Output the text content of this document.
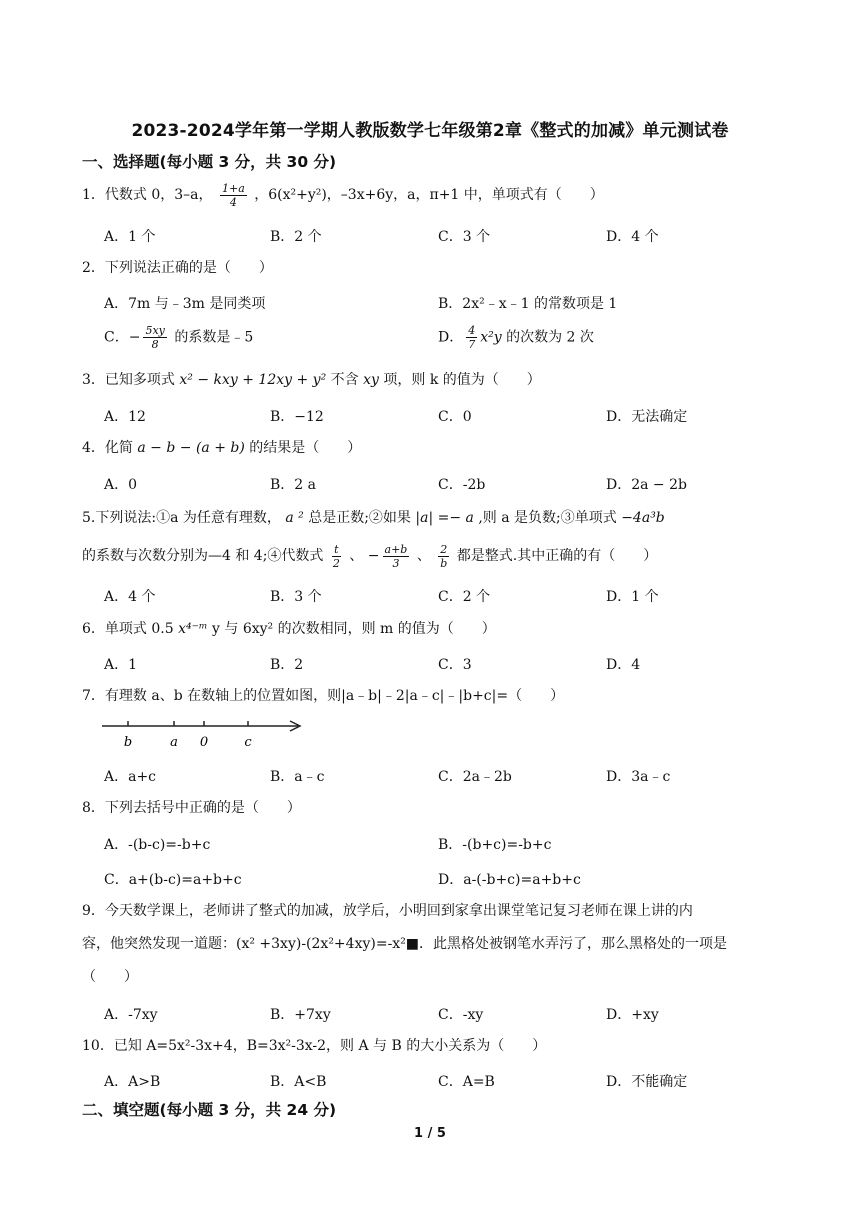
2023-2024学年第一学期人教版数学七年级第2章《整式的加减》单元测试卷
一、选择题(每小题 3 分，共 30 分)
1．代数式 0，3–a， $\frac{1+a}{4}$ ，6(x²+y²)，–3x+6y，a，π+1 中，单项式有（　　）
A．1 个	B．2 个	C．3 个	D．4 个
2．下列说法正确的是（　　）
A．7m 与﹣3m 是同类项	B．2x²﹣x﹣1 的常数项是 1
C．− $\frac{5xy}{8}$ 的系数是﹣5	D． $\frac{4}{7} x^2y$ 的次数为 2 次
3．已知多项式 x² − kxy + 12xy + y² 不含 xy 项，则 k 的值为（　　）
A．12	B．−12	C．0	D．无法确定
4．化简 a − b − (a + b) 的结果是（　　）
A．0	B．2 a	C．-2b	D．2a − 2b
5.下列说法:①a 为任意有理数， a ² 总是正数;②如果 |a| =− a ,则 a 是负数;③单项式 −4a³b
的系数与次数分别为—4 和 4;④代数式 $\frac{t}{2}$ 、 − $\frac{a+b}{3}$ 、 $\frac{2}{b}$ 都是整式.其中正确的有（　　）
A．4 个	B．3 个	C．2 个	D．1 个
6．单项式 0.5 x⁴⁻ᵐ y 与 6xy² 的次数相同，则 m 的值为（　　）
A．1	B．2	C．3	D．4
7．有理数 a、b 在数轴上的位置如图，则|a﹣b|﹣2|a﹣c|﹣|b+c|=（　　）
b	a 0	c
A．a+c	B．a﹣c	C．2a﹣2b	D．3a﹣c
8．下列去括号中正确的是（　　）
A．-(b-c)=-b+c	B．-(b+c)=-b+c
C．a+(b-c)=a+b+c	D．a-(-b+c)=a+b+c
9．今天数学课上，老师讲了整式的加减，放学后，小明回到家拿出课堂笔记复习老师在课上讲的内
容，他突然发现一道题：(x² +3xy)-(2x²+4xy)=-x²■．此黑格处被钢笔水弄污了，那么黑格处的一项是
（　　）
A．-7xy	B．+7xy	C．-xy	D．+xy
10．已知 A=5x²-3x+4，B=3x²-3x-2，则 A 与 B 的大小关系为（　　）
A．A>B	B．A<B	C．A=B	D．不能确定
二、填空题(每小题 3 分，共 24 分)
1 / 5
